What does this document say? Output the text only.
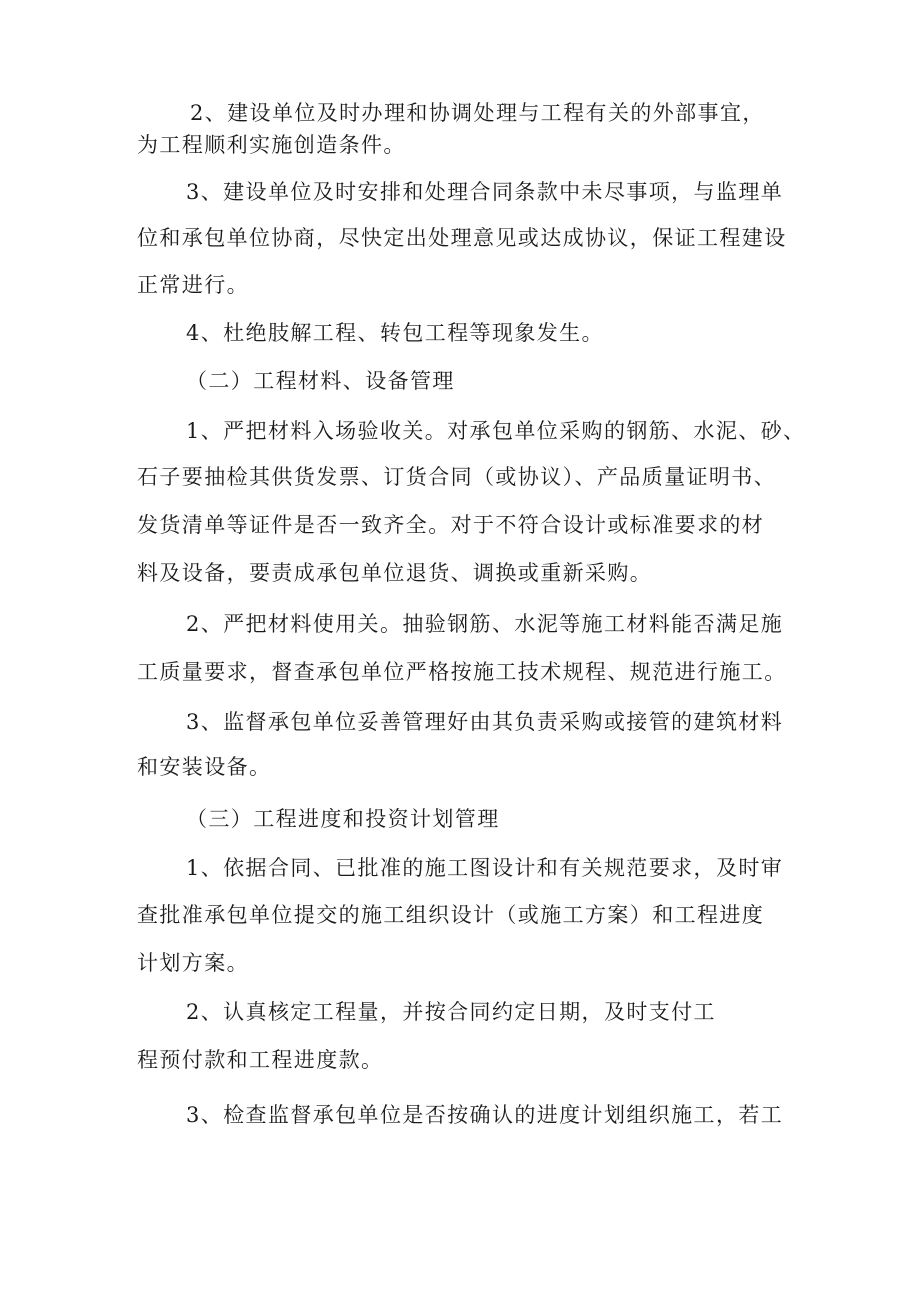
2、建设单位及时办理和协调处理与工程有关的外部事宜，

为工程顺利实施创造条件。

3、建设单位及时安排和处理合同条款中未尽事项，与监理单

位和承包单位协商，尽快定出处理意见或达成协议，保证工程建设

正常进行。

4、杜绝肢解工程、转包工程等现象发生。

（二）工程材料、设备管理

1、严把材料入场验收关。对承包单位采购的钢筋、水泥、砂、

石子要抽检其供货发票、订货合同（或协议）、产品质量证明书、

发货清单等证件是否一致齐全。对于不符合设计或标准要求的材

料及设备，要责成承包单位退货、调换或重新采购。

2、严把材料使用关。抽验钢筋、水泥等施工材料能否满足施

工质量要求，督查承包单位严格按施工技术规程、规范进行施工。

3、监督承包单位妥善管理好由其负责采购或接管的建筑材料

和安装设备。

（三）工程进度和投资计划管理

1、依据合同、已批准的施工图设计和有关规范要求，及时审

查批准承包单位提交的施工组织设计（或施工方案）和工程进度

计划方案。

2、认真核定工程量，并按合同约定日期，及时支付工

程预付款和工程进度款。

3、检查监督承包单位是否按确认的进度计划组织施工，若工
